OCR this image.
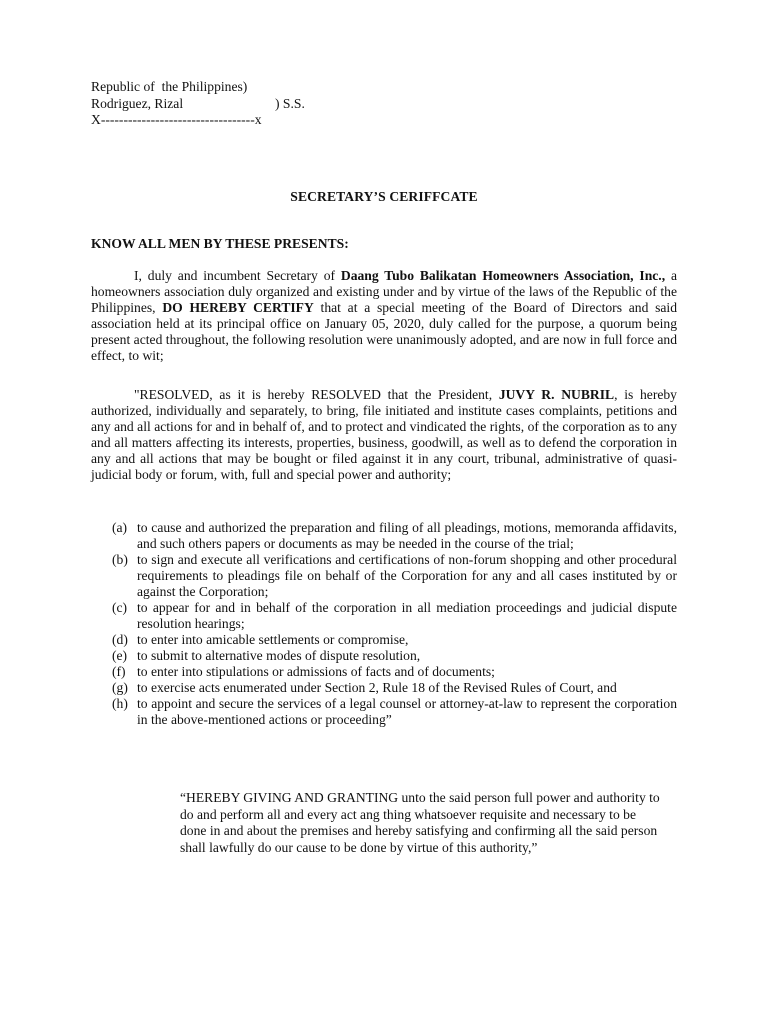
Republic of  the Philippines)
Rodriguez, Rizal	) S.S.
X----------------------------------x
SECRETARY’S CERIFFCATE
KNOW ALL MEN BY THESE PRESENTS:
I, duly and incumbent Secretary of Daang Tubo Balikatan Homeowners Association, Inc., a homeowners association duly organized and existing under and by virtue of the laws of the Republic of the Philippines, DO HEREBY CERTIFY that at a special meeting of the Board of Directors and said association held at its principal office on January 05, 2020, duly called for the purpose, a quorum being present acted throughout, the following resolution were unanimously adopted, and are now in full force and effect, to wit;
"RESOLVED, as it is hereby RESOLVED that the President, JUVY R. NUBRIL, is hereby authorized, individually and separately, to bring, file initiated and institute cases complaints, petitions and any and all actions for and in behalf of, and to protect and vindicated the rights, of the corporation as to any and all matters affecting its interests, properties, business, goodwill, as well as to defend the corporation in any and all actions that may be bought or filed against it in any court, tribunal, administrative of quasi-judicial body or forum, with, full and special power and authority;
(a) to cause and authorized the preparation and filing of all pleadings, motions, memoranda affidavits, and such others papers or documents as may be needed in the course of the trial;
(b) to sign and execute all verifications and certifications of non-forum shopping and other procedural requirements to pleadings file on behalf of the Corporation for any and all cases instituted by or against the Corporation;
(c) to appear for and in behalf of the corporation in all mediation proceedings and judicial dispute resolution hearings;
(d) to enter into amicable settlements or compromise,
(e) to submit to alternative modes of dispute resolution,
(f) to enter into stipulations or admissions of facts and of documents;
(g) to exercise acts enumerated under Section 2, Rule 18 of the Revised Rules of Court, and
(h) to appoint and secure the services of a legal counsel or attorney-at-law to represent the corporation in the above-mentioned actions or proceeding”
“HEREBY GIVING AND GRANTING unto the said person full power and authority to do and perform all and every act ang thing whatsoever requisite and necessary to be done in and about the premises and hereby satisfying and confirming all the said person shall lawfully do our cause to be done by virtue of this authority,”
